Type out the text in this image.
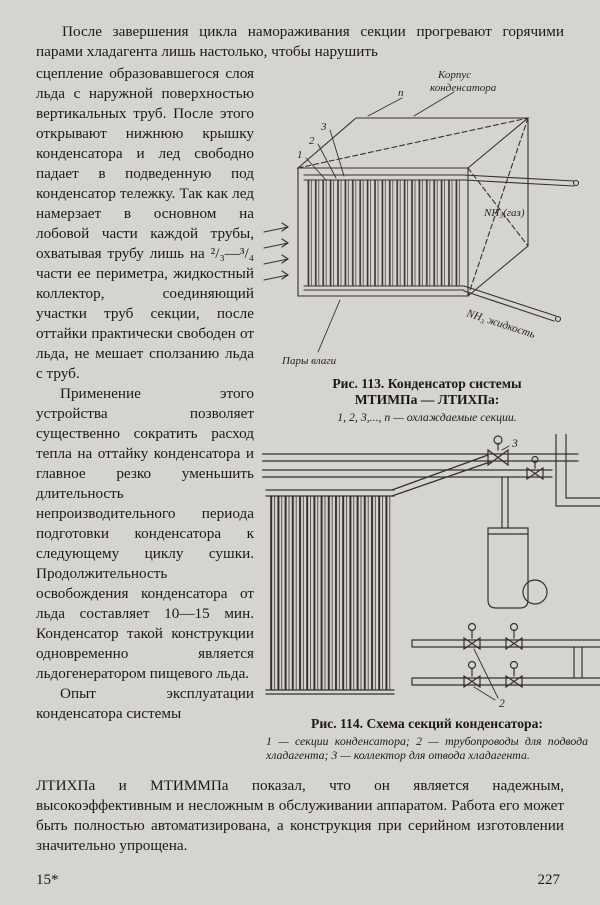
После завершения цикла намораживания секции прогревают горячими парами хладагента лишь настолько, чтобы нарушить

сцепление образовавшегося слоя льда с наружной поверхностью вертикальных труб. После этого открывают нижнюю крышку конденсатора и лед свободно падает в подведенную под конденсатор тележку. Так как лед намерзает в основном на лобовой части каждой трубы, охватывая трубу лишь на ²/₃—³/₄ части ее периметра, жидкостный коллектор, соединяющий участки труб секции, после оттайки практически свободен от льда, не мешает сползанию льда с труб.

Применение этого устройства позволяет существенно сократить расход тепла на оттайку конденсатора и главное резко уменьшить длительность непроизводительного периода подготовки конденсатора к следующему циклу сушки. Продолжительность освобождения конденсатора от льда составляет 10—15 мин. Конденсатор такой конструкции одновременно является льдогенератором пищевого льда.

Опыт эксплуатации конденсатора системы

Корпус
конденсатора
n
3
2
1
NH₃(газ)
NH₃ жидкость
Пары влаги
Рис. 113. Конденсатор системы
МТИМПа — ЛТИХПа:
1, 2, 3,..., n — охлаждаемые секции.
3
2
Рис. 114. Схема секций конденсатора:
1 — секции конденсатора; 2 — трубопроводы для подвода хладагента; 3 — коллектор для отвода хладагента.

ЛТИХПа и МТИММПа показал, что он является надежным, высокоэффективным и несложным в обслуживании аппаратом. Работа его может быть полностью автоматизирована, а конструкция при серийном изготовлении значительно упрощена.

15*	227
